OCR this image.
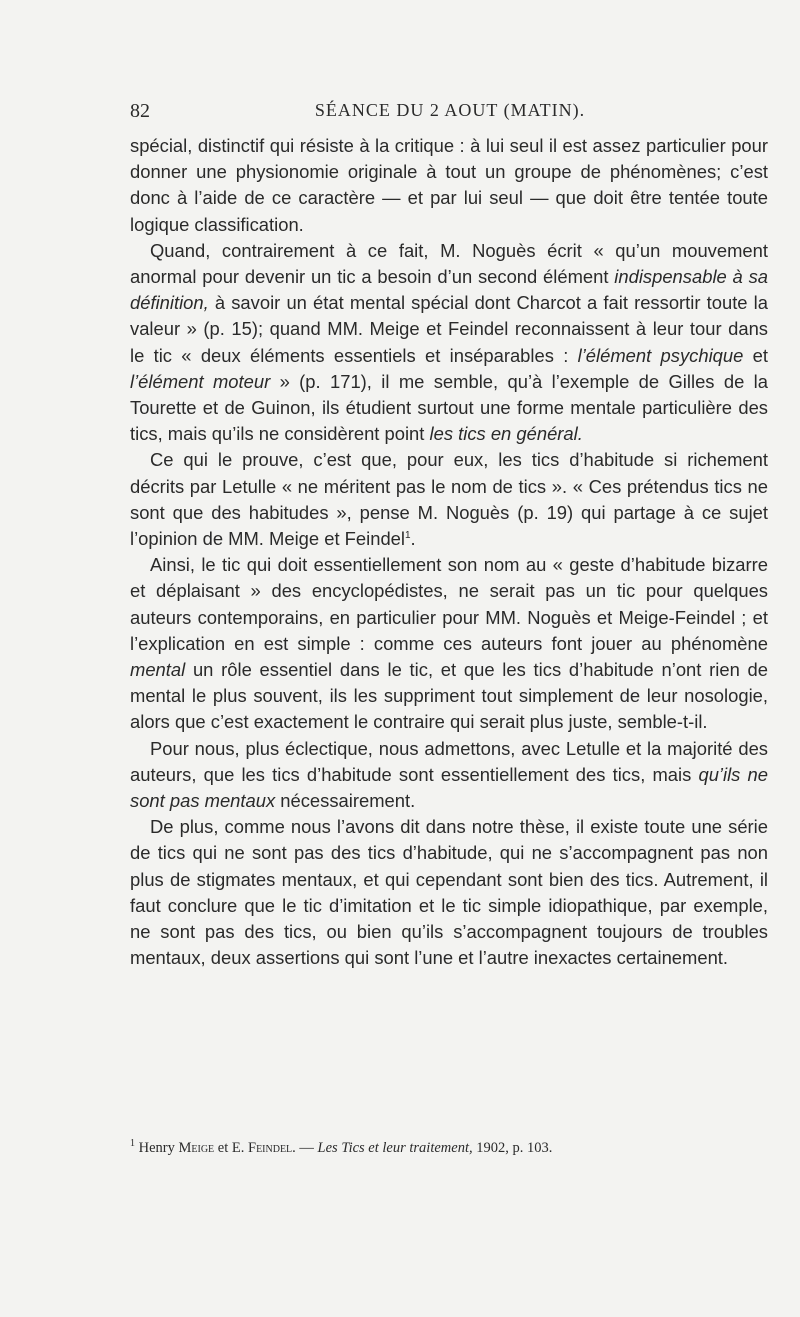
82	SÉANCE DU 2 AOUT (MATIN).

spécial, distinctif qui résiste à la critique : à lui seul il est assez particulier pour donner une physionomie originale à tout un groupe de phénomènes; c’est donc à l’aide de ce caractère — et par lui seul — que doit être tentée toute logique classification.

Quand, contrairement à ce fait, M. Noguès écrit « qu’un mouvement anormal pour devenir un tic a besoin d’un second élément indispensable à sa définition, à savoir un état mental spécial dont Charcot a fait ressortir toute la valeur » (p. 15); quand MM. Meige et Feindel reconnaissent à leur tour dans le tic « deux éléments essentiels et inséparables : l’élément psychique et l’élément moteur » (p. 171), il me semble, qu’à l’exemple de Gilles de la Tourette et de Guinon, ils étudient surtout une forme mentale particulière des tics, mais qu’ils ne considèrent point les tics en général.

Ce qui le prouve, c’est que, pour eux, les tics d’habitude si richement décrits par Letulle « ne méritent pas le nom de tics ». « Ces prétendus tics ne sont que des habitudes », pense M. Noguès (p. 19) qui partage à ce sujet l’opinion de MM. Meige et Feindel$^1$.

Ainsi, le tic qui doit essentiellement son nom au « geste d’habitude bizarre et déplaisant » des encyclopédistes, ne serait pas un tic pour quelques auteurs contemporains, en particulier pour MM. Noguès et Meige-Feindel ; et l’explication en est simple : comme ces auteurs font jouer au phénomène mental un rôle essentiel dans le tic, et que les tics d’habitude n’ont rien de mental le plus souvent, ils les suppriment tout simplement de leur nosologie, alors que c’est exactement le contraire qui serait plus juste, semble-t-il.

Pour nous, plus éclectique, nous admettons, avec Letulle et la majorité des auteurs, que les tics d’habitude sont essentiellement des tics, mais qu’ils ne sont pas mentaux nécessairement.

De plus, comme nous l’avons dit dans notre thèse, il existe toute une série de tics qui ne sont pas des tics d’habitude, qui ne s’accompagnent pas non plus de stigmates mentaux, et qui cependant sont bien des tics. Autrement, il faut conclure que le tic d’imitation et le tic simple idiopathique, par exemple, ne sont pas des tics, ou bien qu’ils s’accompagnent toujours de troubles mentaux, deux assertions qui sont l’une et l’autre inexactes certainement.

$^1$ Henry Meige et E. Feindel. — Les Tics et leur traitement, 1902, p. 103.
